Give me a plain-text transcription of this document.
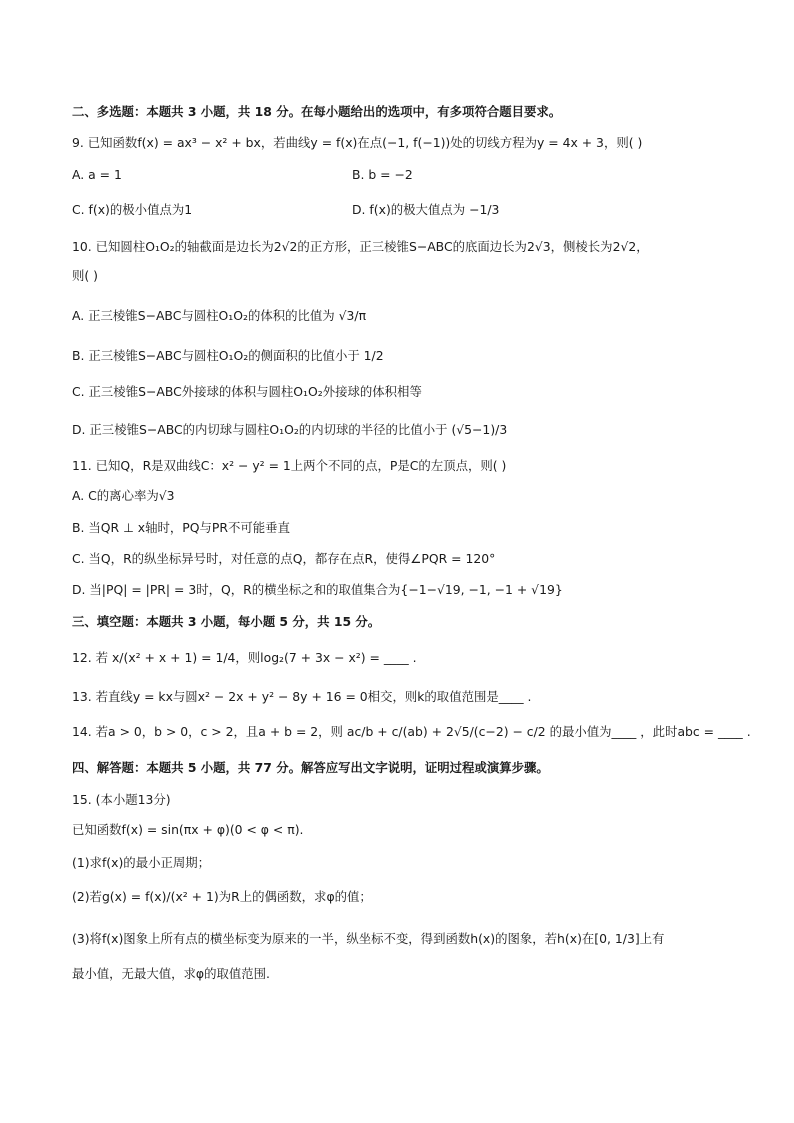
二、多选题：本题共 3 小题，共 18 分。在每小题给出的选项中，有多项符合题目要求。
9. 已知函数f(x) = ax³ − x² + bx，若曲线y = f(x)在点(−1, f(−1))处的切线方程为y = 4x + 3，则( )
A. a = 1	B. b = −2
C. f(x)的极小值点为1	D. f(x)的极大值点为 −1/3
10. 已知圆柱O₁O₂的轴截面是边长为2√2的正方形，正三棱锥S−ABC的底面边长为2√3，侧棱长为2√2，
则( )
A. 正三棱锥S−ABC与圆柱O₁O₂的体积的比值为 √3/π
B. 正三棱锥S−ABC与圆柱O₁O₂的侧面积的比值小于 1/2
C. 正三棱锥S−ABC外接球的体积与圆柱O₁O₂外接球的体积相等
D. 正三棱锥S−ABC的内切球与圆柱O₁O₂的内切球的半径的比值小于 (√5−1)/3
11. 已知Q，R是双曲线C：x² − y² = 1上两个不同的点，P是C的左顶点，则( )
A. C的离心率为√3
B. 当QR ⊥ x轴时，PQ与PR不可能垂直
C. 当Q，R的纵坐标异号时，对任意的点Q，都存在点R，使得∠PQR = 120°
D. 当|PQ| = |PR| = 3时，Q，R的横坐标之和的取值集合为{−1−√19, −1, −1 + √19}
三、填空题：本题共 3 小题，每小题 5 分，共 15 分。
12. 若 x/(x² + x + 1) = 1/4，则log₂(7 + 3x − x²) = ____ .
13. 若直线y = kx与圆x² − 2x + y² − 8y + 16 = 0相交，则k的取值范围是____ .
14. 若a > 0，b > 0，c > 2，且a + b = 2，则 ac/b + c/(ab) + 2√5/(c−2) − c/2 的最小值为____ ，此时abc = ____ .
四、解答题：本题共 5 小题，共 77 分。解答应写出文字说明，证明过程或演算步骤。
15. (本小题13分)
已知函数f(x) = sin(πx + φ)(0 < φ < π).
(1)求f(x)的最小正周期；
(2)若g(x) = f(x)/(x² + 1)为R上的偶函数，求φ的值；
(3)将f(x)图象上所有点的横坐标变为原来的一半，纵坐标不变，得到函数h(x)的图象，若h(x)在[0, 1/3]上有
最小值，无最大值，求φ的取值范围.
